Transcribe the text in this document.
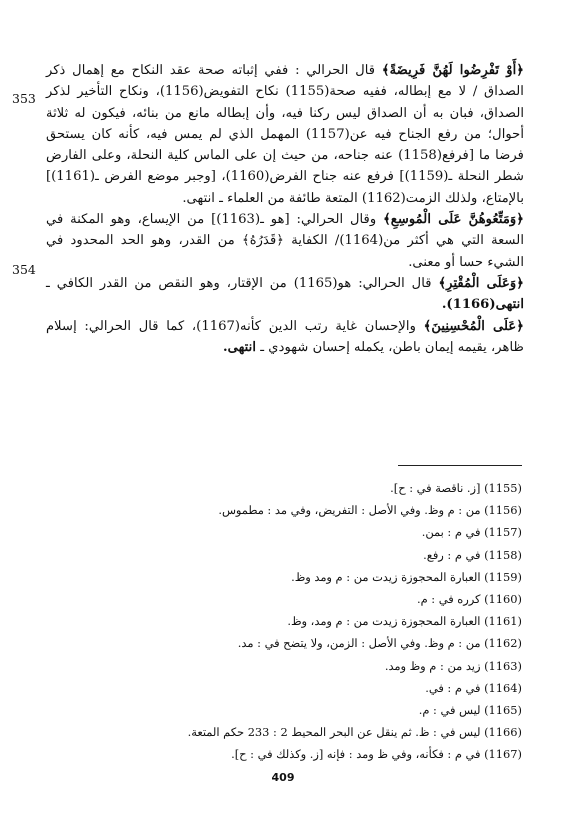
﴿أَوْ تَفْرِضُوا لَهُنَّ فَرِيضَةً﴾ قال الحرالي : ففي إثباته صحة عقد النكاح مع إهمال ذكر الصداق / لا مع إبطاله، ففيه صحة(1155) نكاح التفويض(1156)، ونكاح التأخير لذكر الصداق، فبان به أن الصداق ليس ركنا فيه، وأن إبطاله مانع من بنائه، فيكون له ثلاثة أحوال؛ من رفع الجناح فيه عن(1157) المهمل الذي لم يمس فيه، كأنه كان يستحق فرضا ما [فرفع(1158) عنه جناحه، من حيث إن على الماس كلية النحلة، وعلى الفارض شطر النحلة ـ(1159)] فرفع عنه جناح الفرض(1160)، [وجبر موضع الفرض ـ(1161)] بالإمتاع، ولذلك الزمت(1162) المتعة طائفة من العلماء ـ انتهى.

﴿وَمَتِّعُوهُنَّ عَلَى الْمُوسِعِ﴾ وقال الحرالي: [هو ـ(1163)] من الإيساع، وهو المكنة في السعة التي هي أكثر من(1164)/ الكفاية ﴿قَدَرُهُ﴾ من القدر، وهو الحد المحدود في الشيء حسا أو معنى.

﴿وَعَلَى الْمُقْتِرِ﴾ قال الحرالي: هو(1165) من الإقتار، وهو النقص من القدر الكافي ـ انتهى(1166).

﴿عَلَى الْمُحْسِنِينَ﴾ والإحسان غاية رتب الدين كأنه(1167)، كما قال الحرالي: إسلام ظاهر، يقيمه إيمان باطن، يكمله إحسان شهودي ـ انتهى.

353
354
(1155) [ز. ناقصة في : ح].
(1156) من : م وظ. وفي الأصل : التفريض، وفي مد : مطموس.
(1157) في م : بمن.
(1158) في م : رفع.
(1159) العبارة المحجوزة زيدت من : م ومد وظ.
(1160) كرره في : م.
(1161) العبارة المحجوزة زيدت من : م ومد، وظ.
(1162) من : م وظ. وفي الأصل : الزمن، ولا يتضح في : مد.
(1163) زيد من : م وظ ومد.
(1164) في م : في.
(1165) ليس في : م.
(1166) ليس في : ظ. ثم ينقل عن البحر المحيط 2 : 233 حكم المتعة.
(1167) في م : فكأنه، وفي ظ ومد : فإنه [ز. وكذلك في : ح].
409
